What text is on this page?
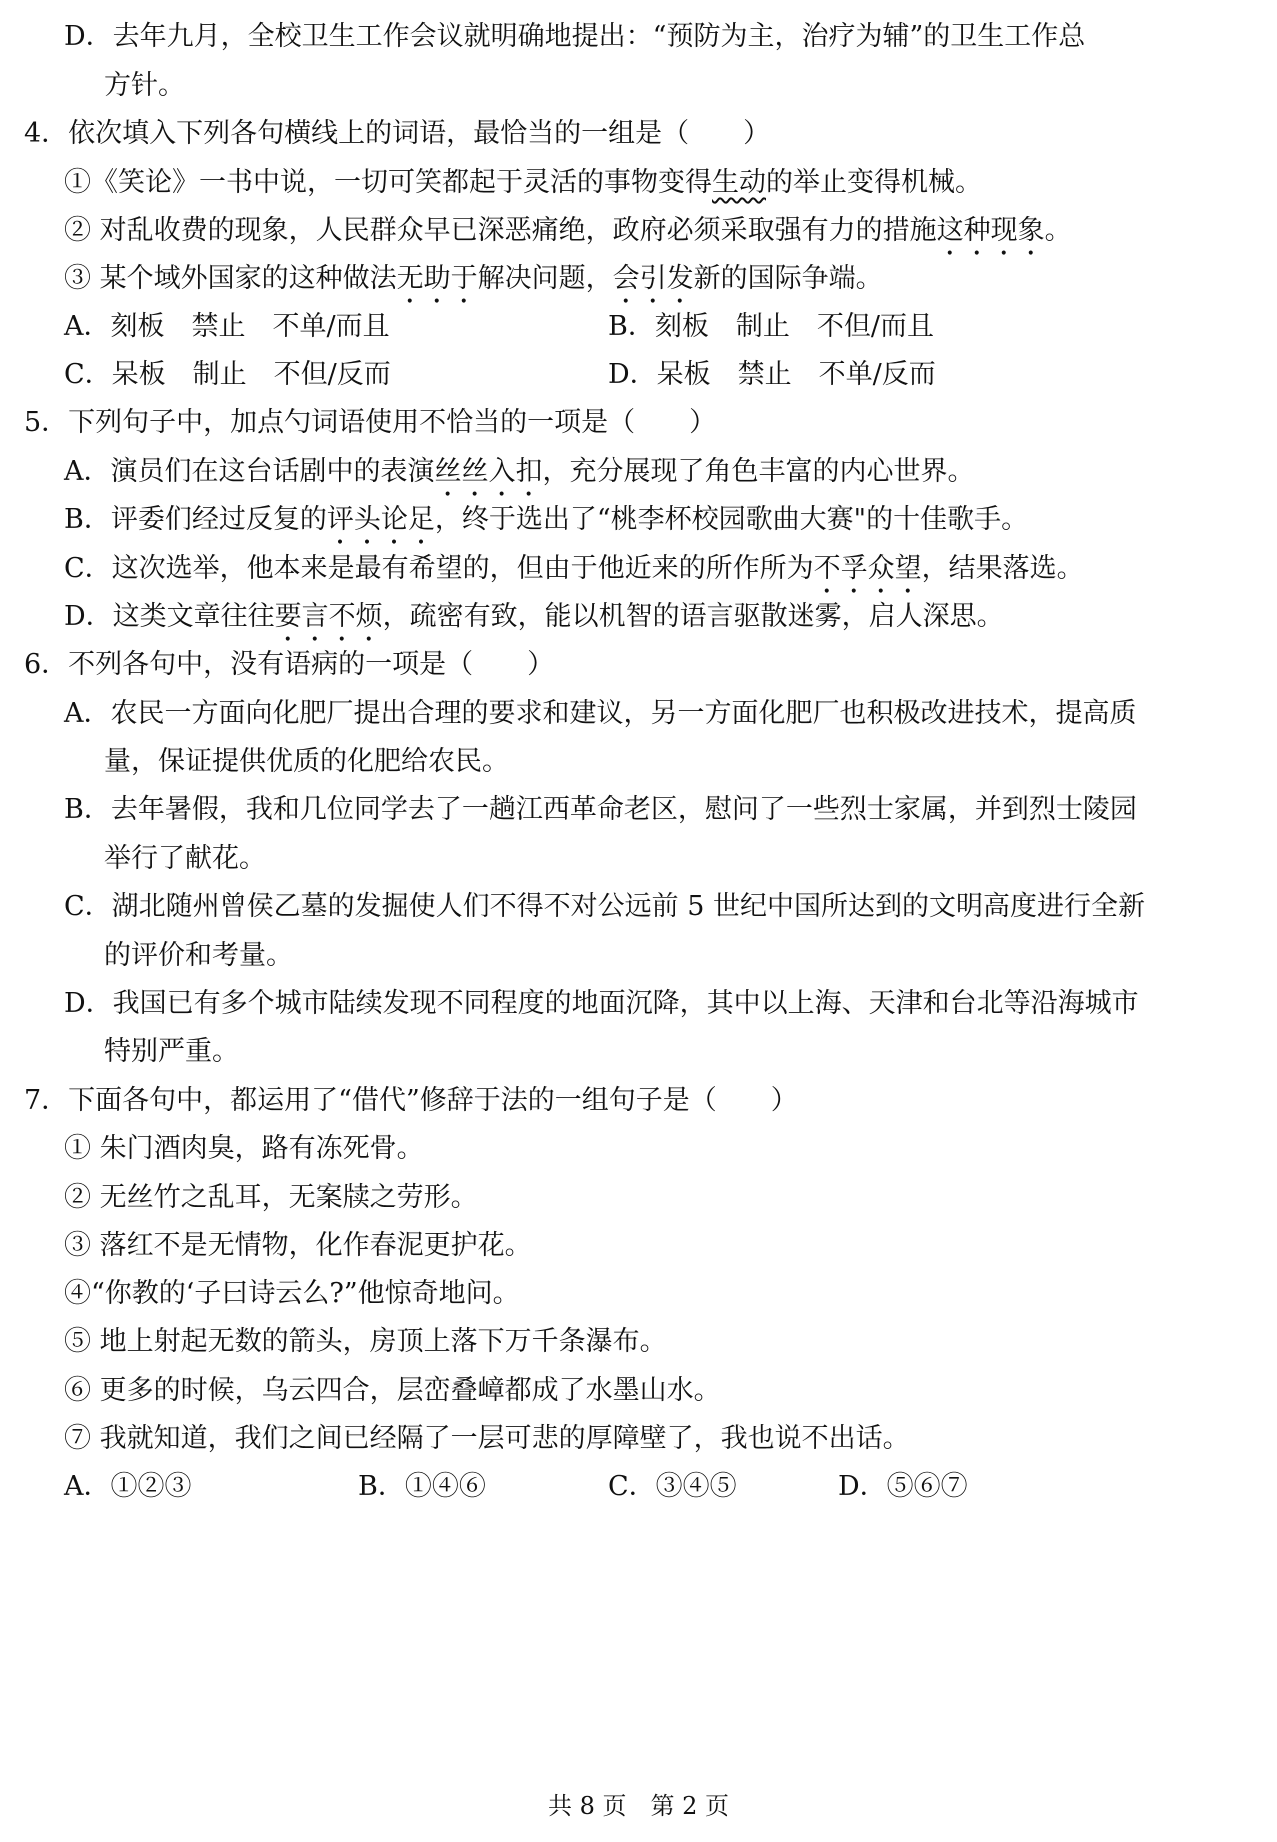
D．去年九月，全校卫生工作会议就明确地提出：“预防为主，治疗为辅”的卫生工作总
方针。
4．依次填入下列各句横线上的词语，最恰当的一组是（　　）
①《笑论》一书中说，一切可笑都起于灵活的事物变得生动的举止变得机械。
② 对乱收费的现象，人民群众早已深恶痛绝，政府必须采取强有力的措施这种现象。
③ 某个域外国家的这种做法无助于解决问题，会引发新的国际争端。
A．刻板　禁止　不单/而且	B．刻板　制止　不但/而且
C．呆板　制止　不但/反而	D．呆板　禁止　不单/反而
5．下列句子中，加点勺词语使用不恰当的一项是（　　）
A．演员们在这台话剧中的表演丝丝入扣，充分展现了角色丰富的内心世界。
B．评委们经过反复的评头论足，终于选出了“桃李杯校园歌曲大赛"的十佳歌手。
C．这次选举，他本来是最有希望的，但由于他近来的所作所为不孚众望，结果落选。
D．这类文章往往要言不烦，疏密有致，能以机智的语言驱散迷雾，启人深思。
6．不列各句中，没有语病的一项是（　　）
A．农民一方面向化肥厂提出合理的要求和建议，另一方面化肥厂也积极改进技术，提高质
量，保证提供优质的化肥给农民。
B．去年暑假，我和几位同学去了一趟江西革命老区，慰问了一些烈士家属，并到烈士陵园
举行了献花。
C．湖北随州曾侯乙墓的发掘使人们不得不对公远前 5 世纪中国所达到的文明高度进行全新
的评价和考量。
D．我国已有多个城市陆续发现不同程度的地面沉降，其中以上海、天津和台北等沿海城市
特别严重。
7．下面各句中，都运用了“借代”修辞于法的一组句子是（　　）
① 朱门酒肉臭，路有冻死骨。
② 无丝竹之乱耳，无案牍之劳形。
③ 落红不是无情物，化作春泥更护花。
④“你教的‘子曰诗云么?”他惊奇地问。
⑤ 地上射起无数的箭头，房顶上落下万千条瀑布。
⑥ 更多的时候，乌云四合，层峦叠嶂都成了水墨山水。
⑦ 我就知道，我们之间已经隔了一层可悲的厚障壁了，我也说不出话。
A．①②③	B．①④⑥	C．③④⑤	D．⑤⑥⑦
共 8 页　第 2 页
